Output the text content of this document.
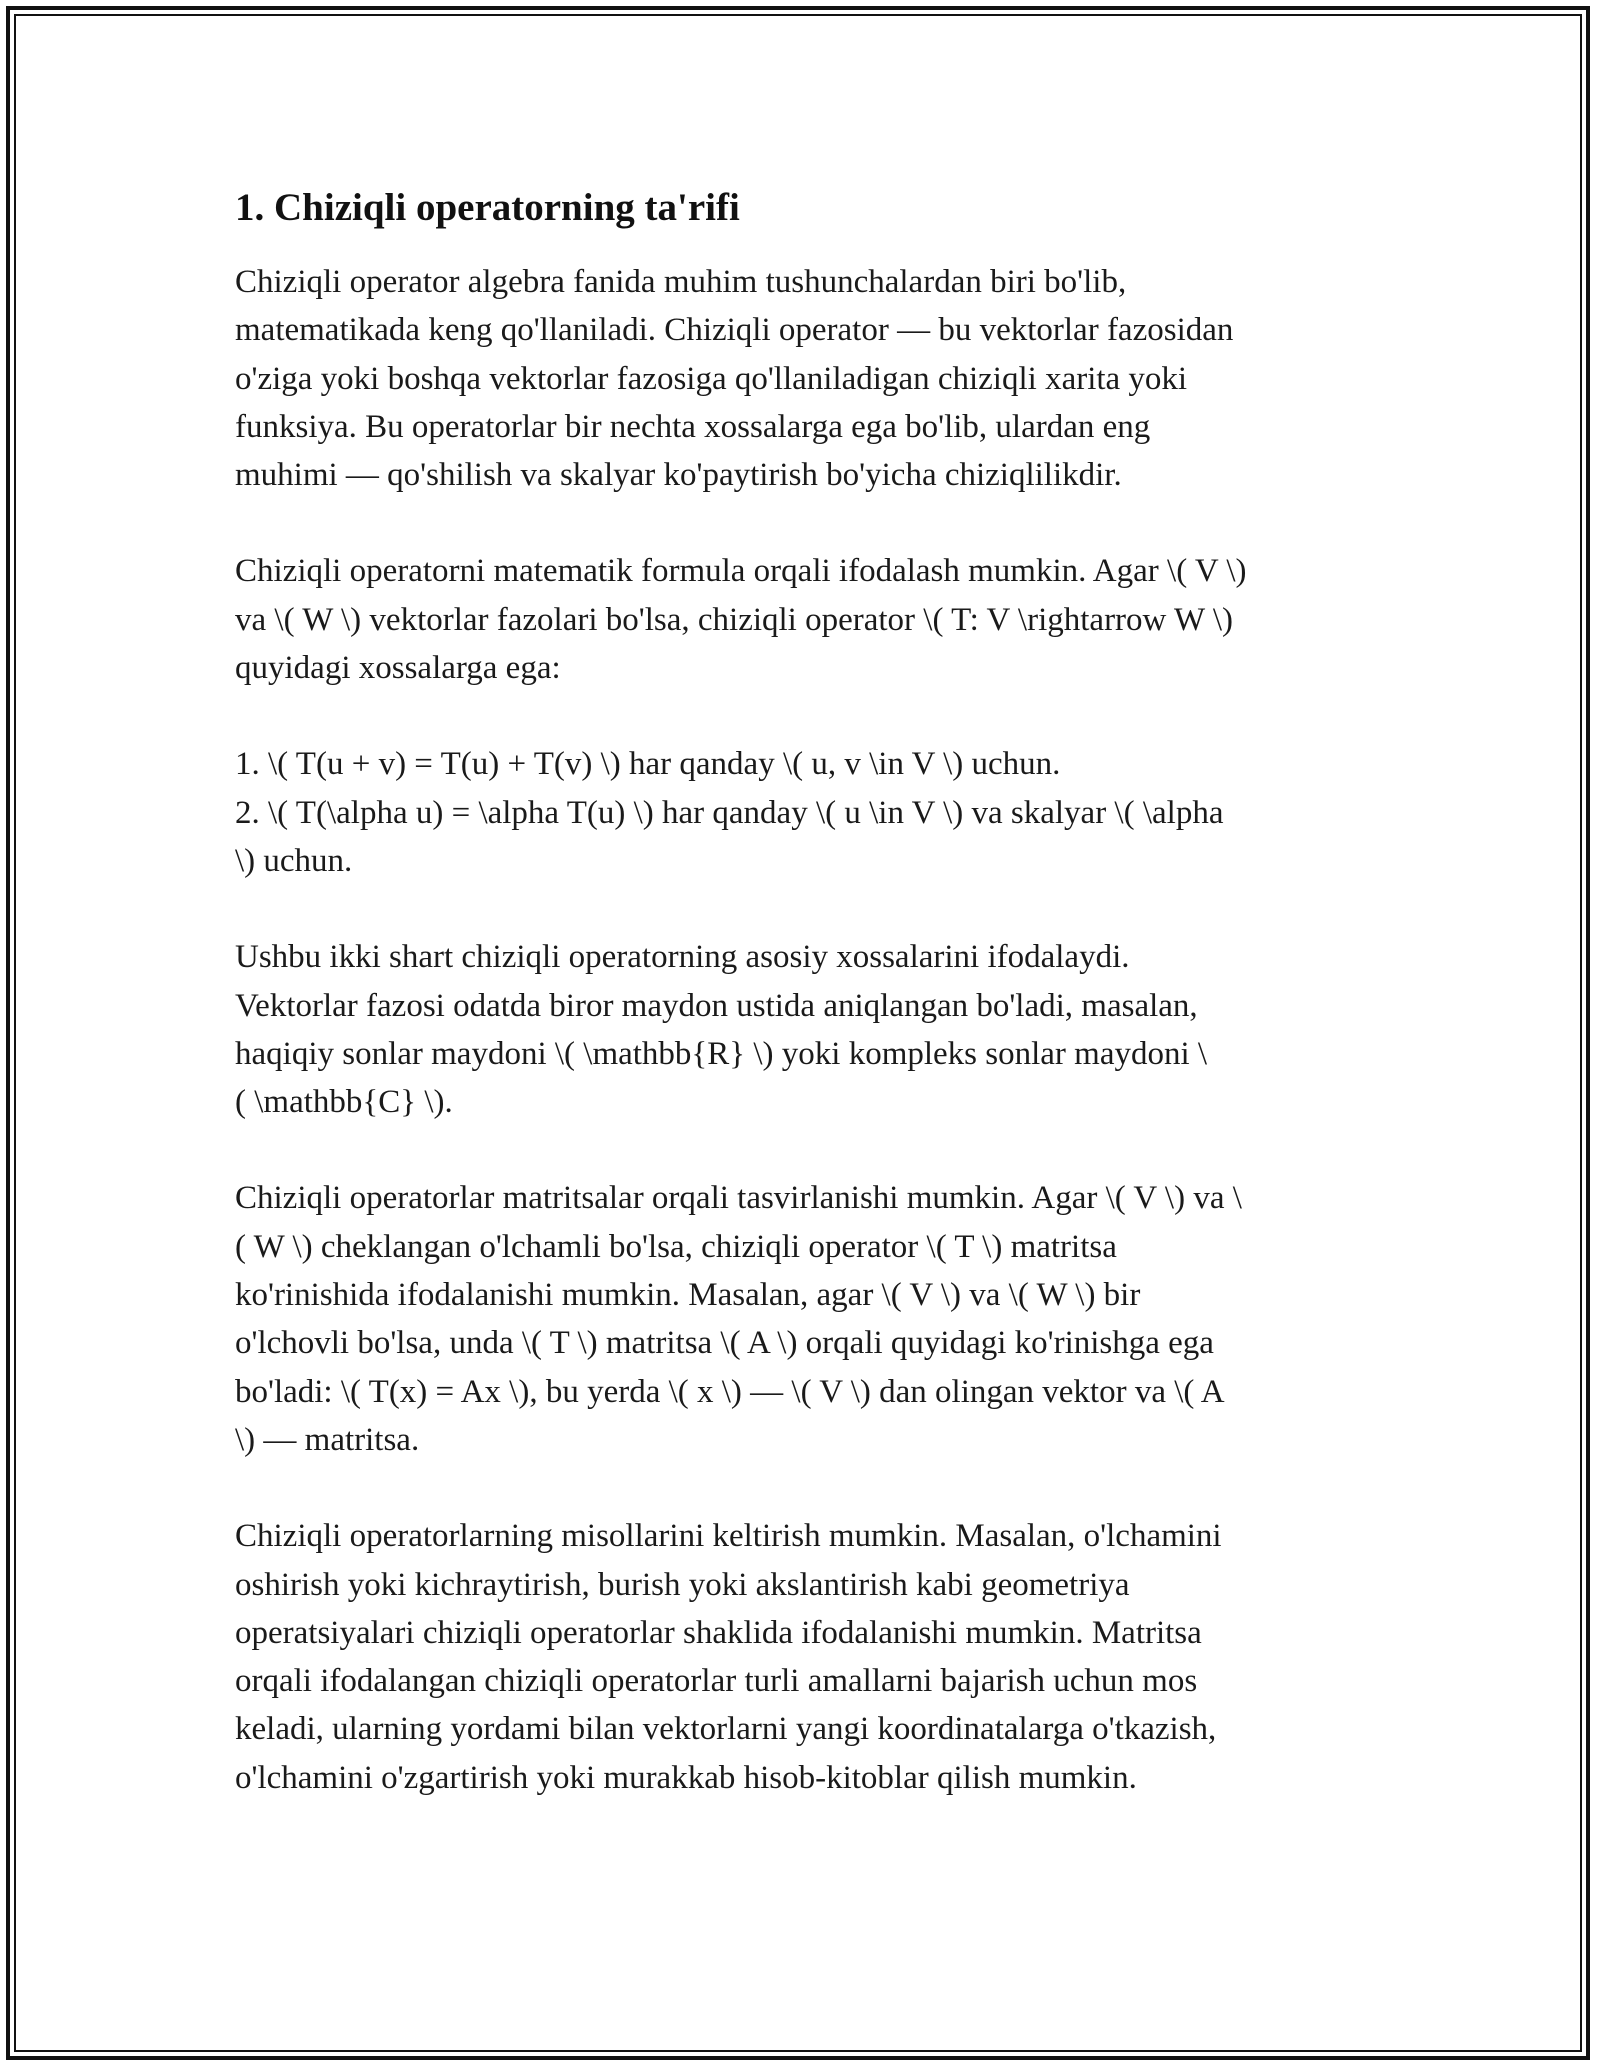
1. Chiziqli operatorning ta'rifi
Chiziqli operator algebra fanida muhim tushunchalardan biri bo'lib,
matematikada keng qo'llaniladi. Chiziqli operator — bu vektorlar fazosidan
o'ziga yoki boshqa vektorlar fazosiga qo'llaniladigan chiziqli xarita yoki
funksiya. Bu operatorlar bir nechta xossalarga ega bo'lib, ulardan eng
muhimi — qo'shilish va skalyar ko'paytirish bo'yicha chiziqlilikdir.
Chiziqli operatorni matematik formula orqali ifodalash mumkin. Agar \( V \)
va \( W \) vektorlar fazolari bo'lsa, chiziqli operator \( T: V \rightarrow W \)
quyidagi xossalarga ega:
1. \( T(u + v) = T(u) + T(v) \) har qanday \( u, v \in V \) uchun.
2. \( T(\alpha u) = \alpha T(u) \) har qanday \( u \in V \) va skalyar \( \alpha
\) uchun.
Ushbu ikki shart chiziqli operatorning asosiy xossalarini ifodalaydi.
Vektorlar fazosi odatda biror maydon ustida aniqlangan bo'ladi, masalan,
haqiqiy sonlar maydoni \( \mathbb{R} \) yoki kompleks sonlar maydoni \
( \mathbb{C} \).
Chiziqli operatorlar matritsalar orqali tasvirlanishi mumkin. Agar \( V \) va \
( W \) cheklangan o'lchamli bo'lsa, chiziqli operator \( T \) matritsa
ko'rinishida ifodalanishi mumkin. Masalan, agar \( V \) va \( W \) bir
o'lchovli bo'lsa, unda \( T \) matritsa \( A \) orqali quyidagi ko'rinishga ega
bo'ladi: \( T(x) = Ax \), bu yerda \( x \) — \( V \) dan olingan vektor va \( A
\) — matritsa.
Chiziqli operatorlarning misollarini keltirish mumkin. Masalan, o'lchamini
oshirish yoki kichraytirish, burish yoki akslantirish kabi geometriya
operatsiyalari chiziqli operatorlar shaklida ifodalanishi mumkin. Matritsa
orqali ifodalangan chiziqli operatorlar turli amallarni bajarish uchun mos
keladi, ularning yordami bilan vektorlarni yangi koordinatalarga o'tkazish,
o'lchamini o'zgartirish yoki murakkab hisob-kitoblar qilish mumkin.
